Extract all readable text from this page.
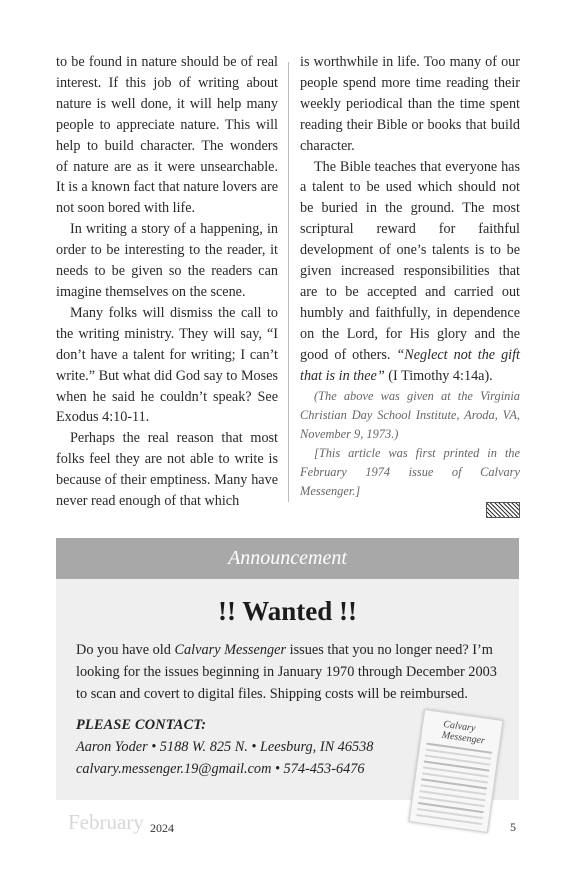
to be found in nature should be of real interest. If this job of writing about nature is well done, it will help many people to appreciate nature. This will help to build character. The wonders of nature are as it were unsearchable. It is a known fact that nature lovers are not soon bored with life.

In writing a story of a happening, in order to be interesting to the reader, it needs to be given so the readers can imagine themselves on the scene.

Many folks will dismiss the call to the writing ministry. They will say, “I don’t have a talent for writing; I can’t write.” But what did God say to Moses when he said he couldn’t speak? See Exodus 4:10-11.

Perhaps the real reason that most folks feel they are not able to write is because of their emptiness. Many have never read enough of that which

is worthwhile in life. Too many of our people spend more time reading their weekly periodical than the time spent reading their Bible or books that build character.

The Bible teaches that everyone has a talent to be used which should not be buried in the ground. The most scriptural reward for faithful development of one’s talents is to be given increased responsibilities that are to be accepted and carried out humbly and faithfully, in dependence on the Lord, for His glory and the good of others. “Neglect not the gift that is in thee” (I Timothy 4:14a).

(The above was given at the Virginia Christian Day School Institute, Aroda, VA, November 9, 1973.)

[This article was first printed in the February 1974 issue of Calvary Messenger.]

Announcement
!! Wanted !!
Do you have old Calvary Messenger issues that you no longer need? I’m looking for the issues beginning in January 1970 through December 2003 to scan and covert to digital files. Shipping costs will be reimbursed.
PLEASE CONTACT:
Aaron Yoder • 5188 W. 825 N. • Leesburg, IN 46538
calvary.messenger.19@gmail.com • 574-453-6476
Calvary Messenger
February 2024	5
